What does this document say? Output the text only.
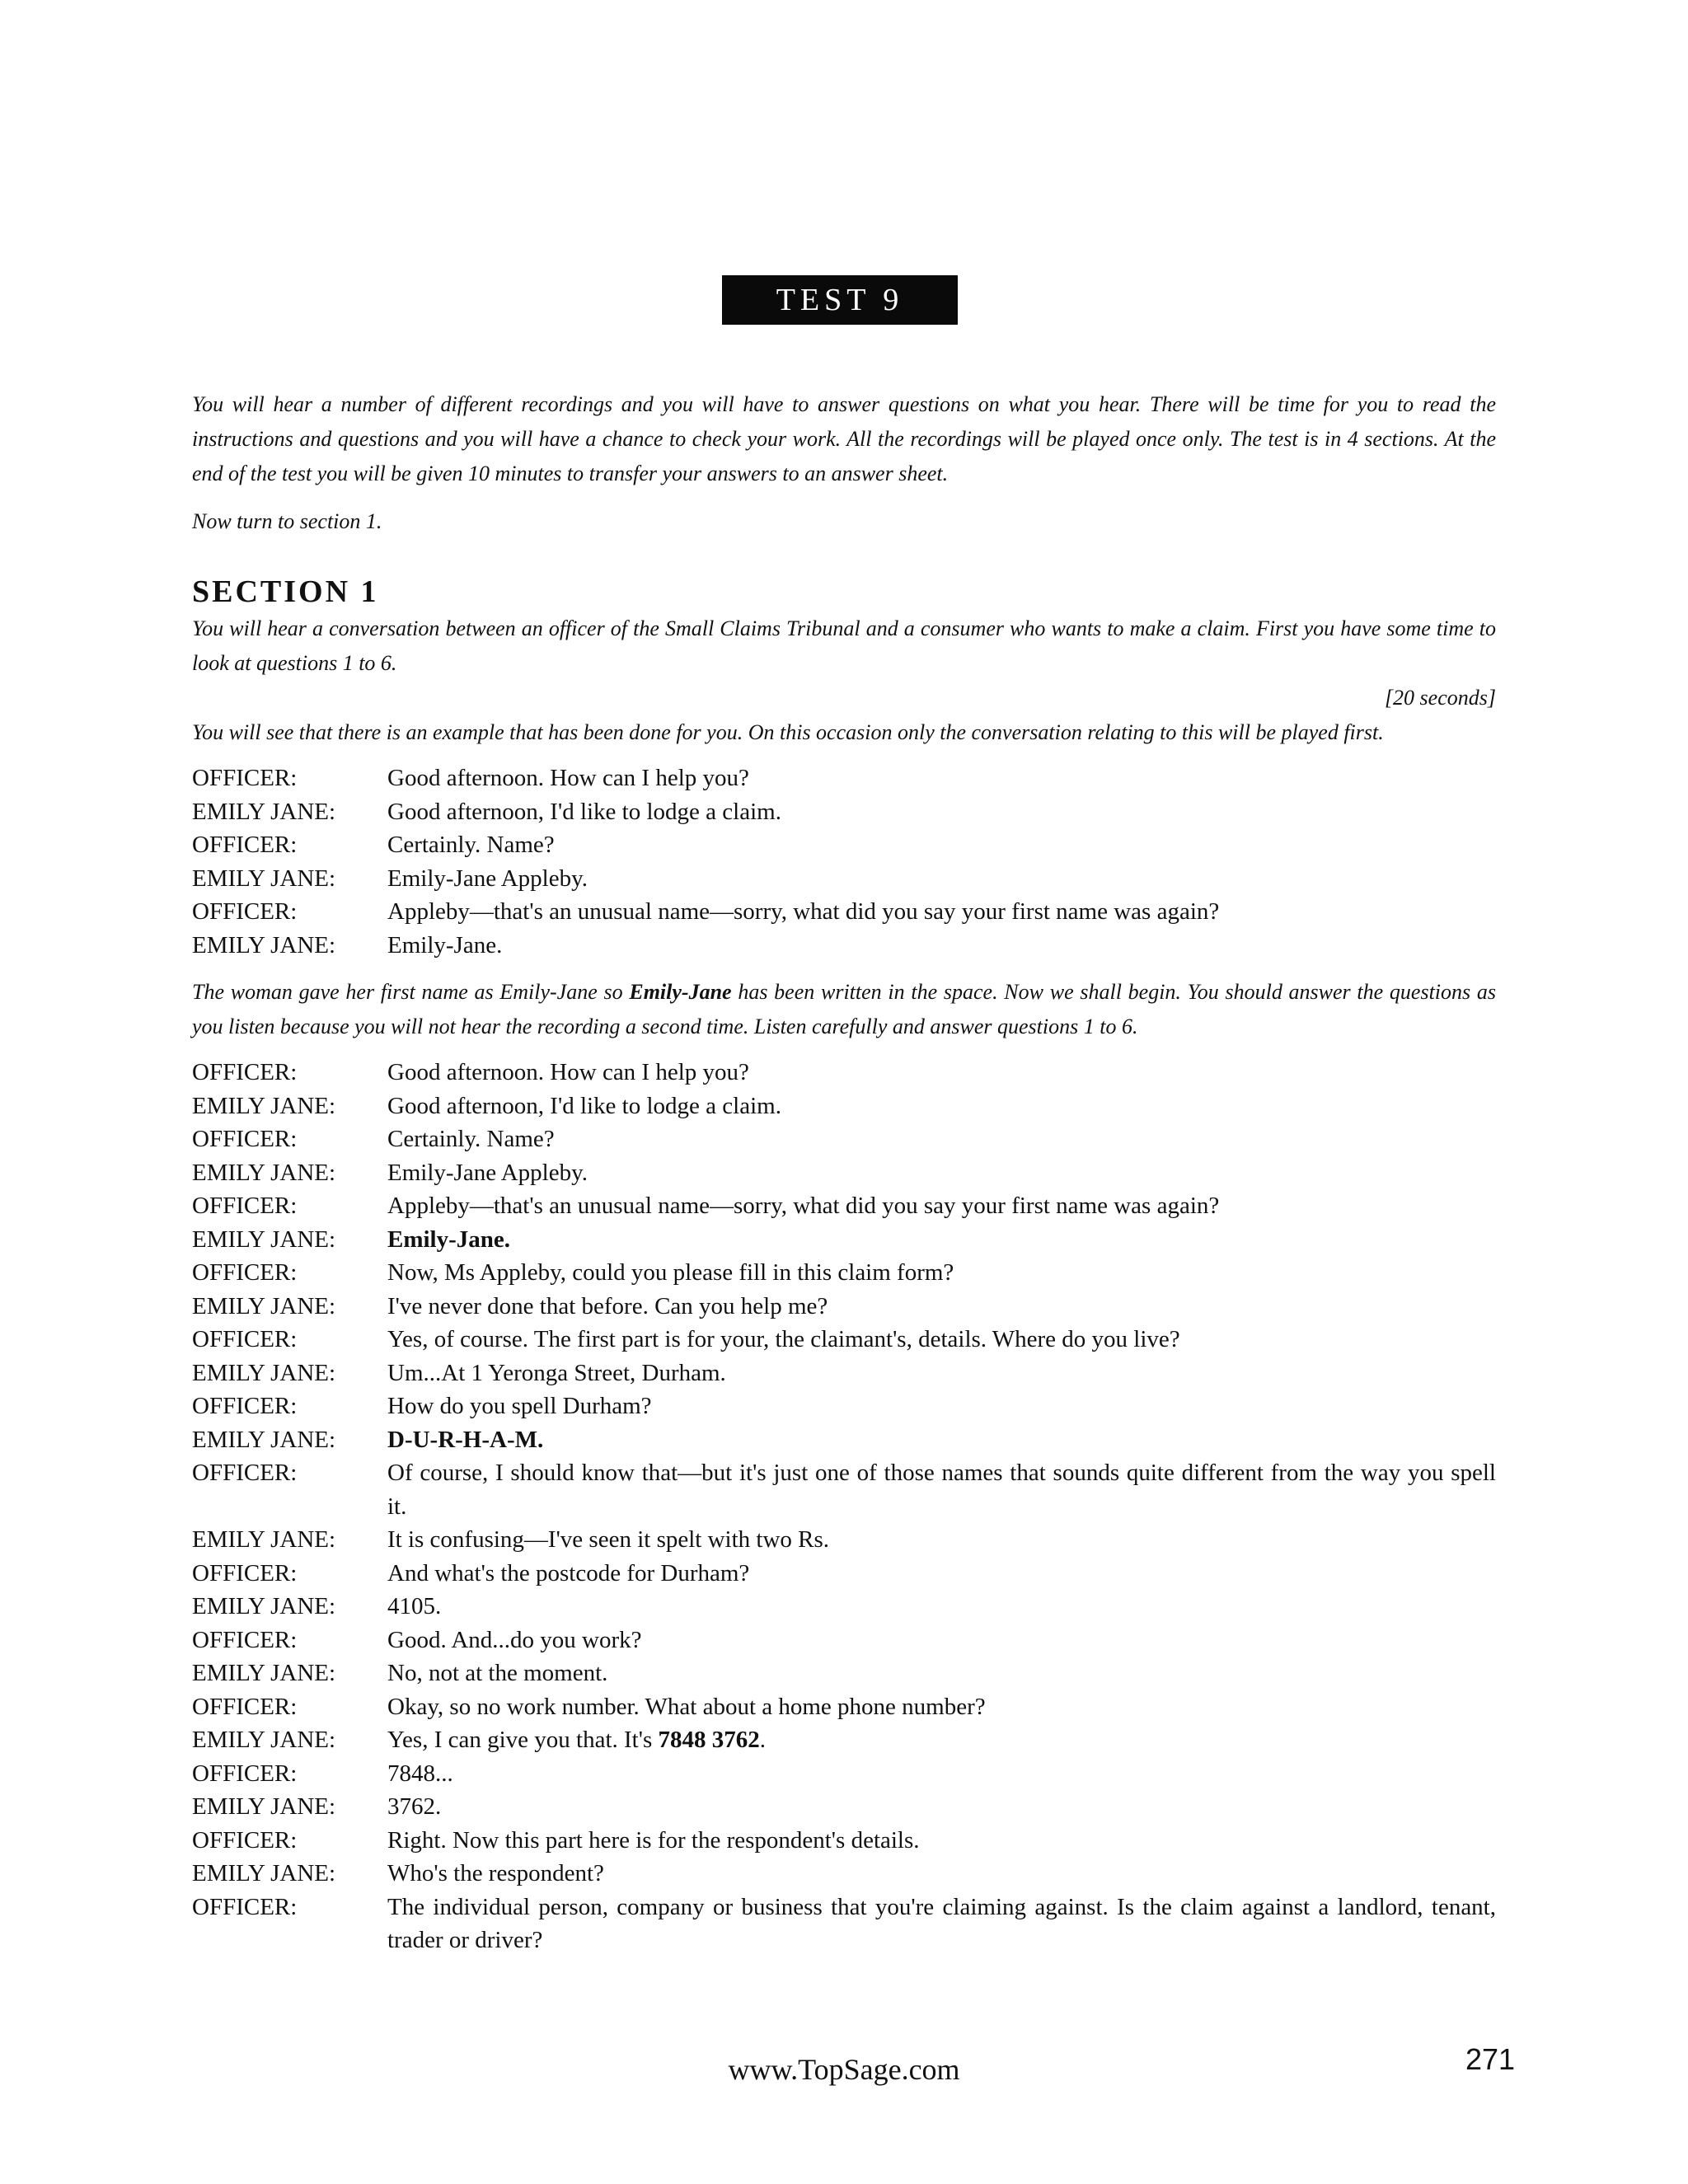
TEST 9

You will hear a number of different recordings and you will have to answer questions on what you hear. There will be time for you to read the instructions and questions and you will have a chance to check your work. All the recordings will be played once only. The test is in 4 sections. At the end of the test you will be given 10 minutes to transfer your answers to an answer sheet.

Now turn to section 1.

SECTION 1

You will hear a conversation between an officer of the Small Claims Tribunal and a consumer who wants to make a claim. First you have some time to look at questions 1 to 6.

[20 seconds]

You will see that there is an example that has been done for you. On this occasion only the conversation relating to this will be played first.

OFFICER:	Good afternoon. How can I help you?
EMILY JANE:	Good afternoon, I'd like to lodge a claim.
OFFICER:	Certainly. Name?
EMILY JANE:	Emily-Jane Appleby.
OFFICER:	Appleby—that's an unusual name—sorry, what did you say your first name was again?
EMILY JANE:	Emily-Jane.

The woman gave her first name as Emily-Jane so Emily-Jane has been written in the space. Now we shall begin. You should answer the questions as you listen because you will not hear the recording a second time. Listen carefully and answer questions 1 to 6.

OFFICER:	Good afternoon. How can I help you?
EMILY JANE:	Good afternoon, I'd like to lodge a claim.
OFFICER:	Certainly. Name?
EMILY JANE:	Emily-Jane Appleby.
OFFICER:	Appleby—that's an unusual name—sorry, what did you say your first name was again?
EMILY JANE:	Emily-Jane.
OFFICER:	Now, Ms Appleby, could you please fill in this claim form?
EMILY JANE:	I've never done that before. Can you help me?
OFFICER:	Yes, of course. The first part is for your, the claimant's, details. Where do you live?
EMILY JANE:	Um...At 1 Yeronga Street, Durham.
OFFICER:	How do you spell Durham?
EMILY JANE:	D-U-R-H-A-M.
OFFICER:	Of course, I should know that—but it's just one of those names that sounds quite different from the way you spell it.
EMILY JANE:	It is confusing—I've seen it spelt with two Rs.
OFFICER:	And what's the postcode for Durham?
EMILY JANE:	4105.
OFFICER:	Good. And...do you work?
EMILY JANE:	No, not at the moment.
OFFICER:	Okay, so no work number. What about a home phone number?
EMILY JANE:	Yes, I can give you that. It's 7848 3762.
OFFICER:	7848...
EMILY JANE:	3762.
OFFICER:	Right. Now this part here is for the respondent's details.
EMILY JANE:	Who's the respondent?
OFFICER:	The individual person, company or business that you're claiming against. Is the claim against a landlord, tenant, trader or driver?
www.TopSage.com	271
